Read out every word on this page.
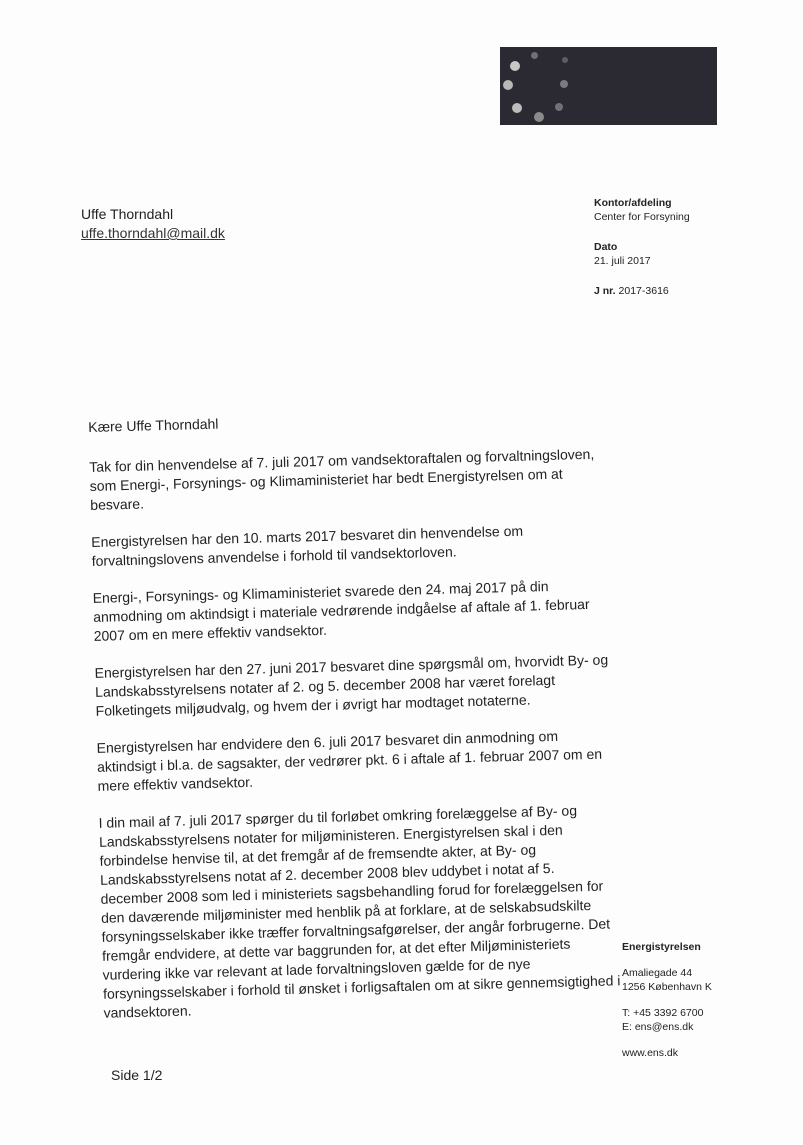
Uffe Thorndahl
uffe.thorndahl@mail.dk
Kontor/afdeling
Center for Forsyning
Dato
21. juli 2017
J nr. 2017-3616

Kære Uffe Thorndahl

Tak for din henvendelse af 7. juli 2017 om vandsektoraftalen og forvaltningsloven, som Energi-, Forsynings- og Klimaministeriet har bedt Energistyrelsen om at besvare.

Energistyrelsen har den 10. marts 2017 besvaret din henvendelse om forvaltningslovens anvendelse i forhold til vandsektorloven.

Energi-, Forsynings- og Klimaministeriet svarede den 24. maj 2017 på din anmodning om aktindsigt i materiale vedrørende indgåelse af aftale af 1. februar 2007 om en mere effektiv vandsektor.

Energistyrelsen har den 27. juni 2017 besvaret dine spørgsmål om, hvorvidt By- og Landskabsstyrelsens notater af 2. og 5. december 2008 har været forelagt Folketingets miljøudvalg, og hvem der i øvrigt har modtaget notaterne.

Energistyrelsen har endvidere den 6. juli 2017 besvaret din anmodning om aktindsigt i bl.a. de sagsakter, der vedrører pkt. 6 i aftale af 1. februar 2007 om en mere effektiv vandsektor.

I din mail af 7. juli 2017 spørger du til forløbet omkring forelæggelse af By- og Landskabsstyrelsens notater for miljøministeren. Energistyrelsen skal i den forbindelse henvise til, at det fremgår af de fremsendte akter, at By- og Landskabsstyrelsens notat af 2. december 2008 blev uddybet i notat af 5. december 2008 som led i ministeriets sagsbehandling forud for forelæggelsen for den daværende miljøminister med henblik på at forklare, at de selskabsudskilte forsyningsselskaber ikke træffer forvaltningsafgørelser, der angår forbrugerne. Det fremgår endvidere, at dette var baggrunden for, at det efter Miljøministeriets vurdering ikke var relevant at lade forvaltningsloven gælde for de nye forsyningsselskaber i forhold til ønsket i forligsaftalen om at sikre gennemsigtighed i vandsektoren.

Energistyrelsen
Amaliegade 44
1256 København K
T: +45 3392 6700
E: ens@ens.dk
www.ens.dk
Side 1/2
